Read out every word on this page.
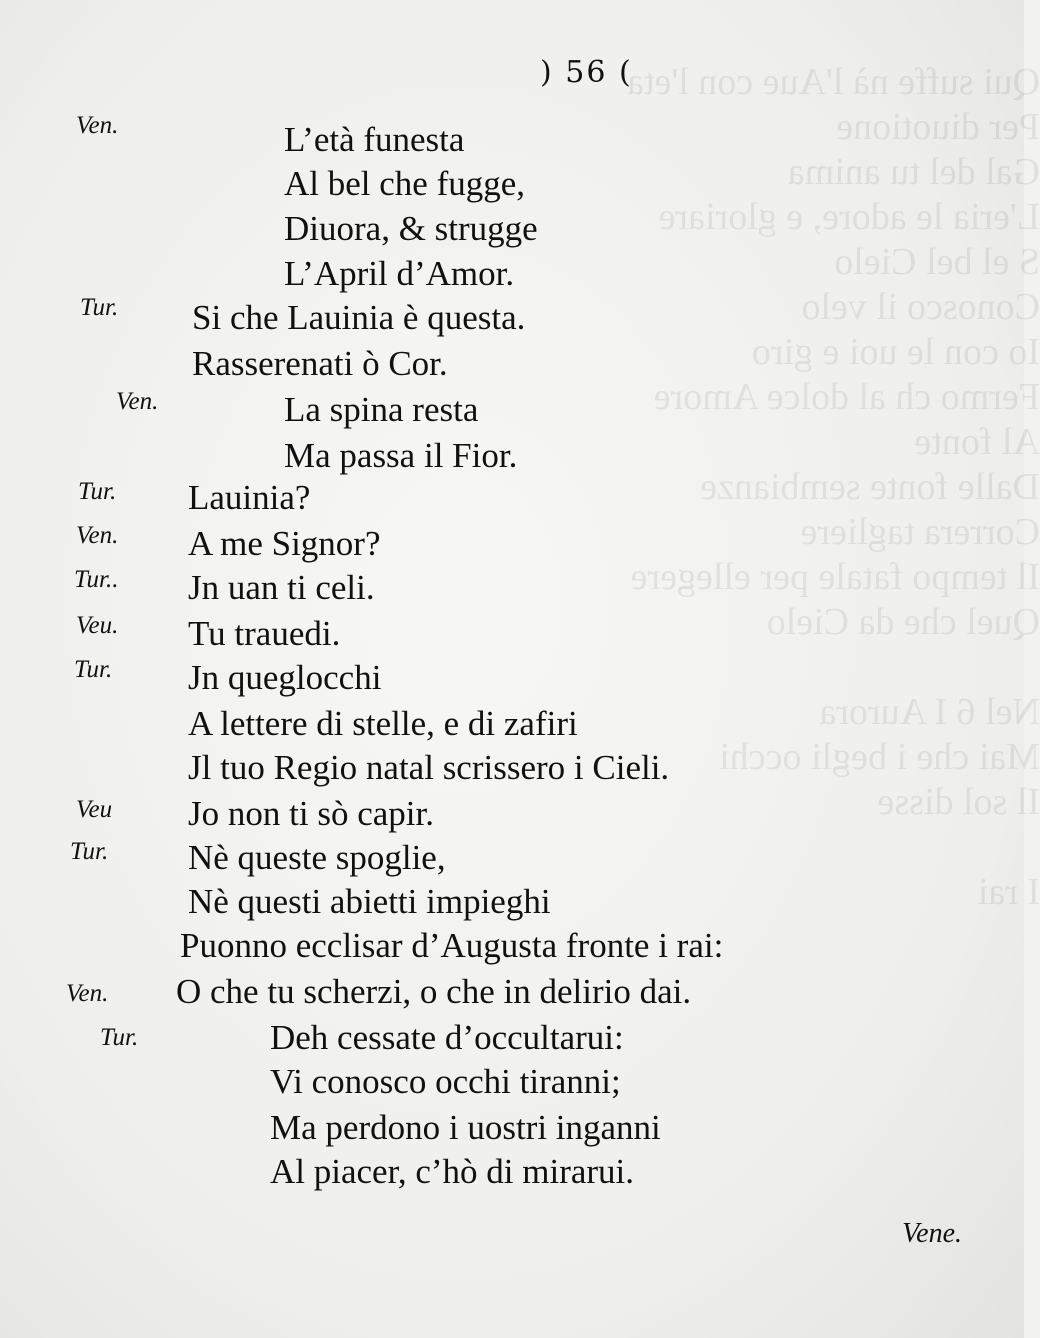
Qui suffe nà l'Aue con l'eta
Per diuotione
Gal del tu anima
L'eria le adore, e gloriare
S el bel Cielo
Conosco il velo
Io con le uoi e giro
Fermo ch al dolce Amore
Al fonte
Dalle fonte sembianze
Correra tagliere
Il tempo fatale per ellegere
Quel che da Cielo

Nel 6 I Aurora
Mai che i begli occhi
Il sol disse

I rai
) 56 (
Ven.	L’età funesta
Al bel che fugge,
Diuora, & strugge
L’April d’Amor.
Tur. Si che Lauinia è questa.
Rasserenati ò Cor.
Ven.	La spina resta
Ma passa il Fior.
Tur. Lauinia?
Ven. A me Signor?
Tur.. Jn uan ti celi.
Veu. Tu trauedi.
Tur. Jn queglocchi
A lettere di stelle, e di zafiri
Jl tuo Regio natal scrissero i Cieli.
Veu Jo non ti sò capir.
Tur. Nè queste spoglie,
Nè questi abietti impieghi
Puonno ecclisar d’Augusta fronte i rai:
Ven. O che tu scherzi, o che in delirio dai.
Tur.	Deh cessate d’occultarui:
Vi conosco occhi tiranni;
Ma perdono i uostri inganni
Al piacer, c’hò di mirarui.
Vene.
